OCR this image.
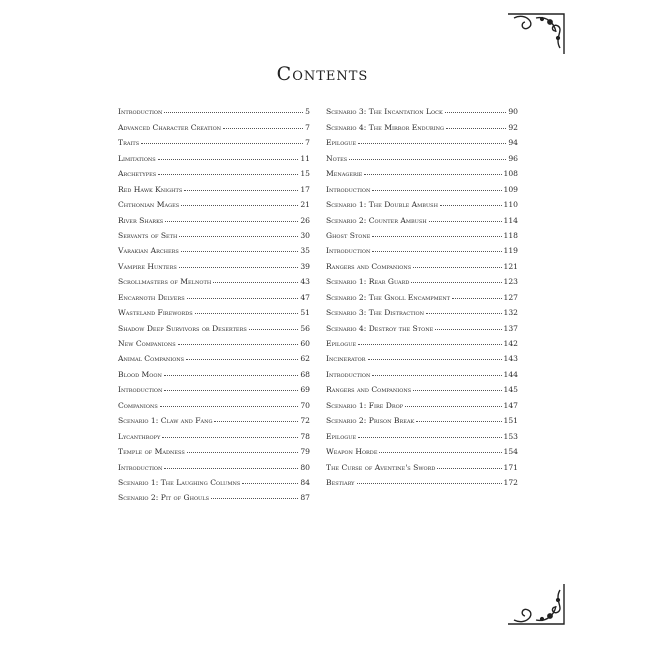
Contents
Introduction	5
Advanced Character Creation	7
Traits	7
Limitations	11
Archetypes	15
Red Hawk Knights	17
Chthonian Mages	21
River Sharks	26
Servants of Seth	30
Varakian Archers	35
Vampire Hunters	39
Scrollmasters of Melnoth	43
Encarnoth Delvers	47
Wasteland Firewords	51
Shadow Deep Survivors or Deserters	56
New Companions	60
Animal Companions	62
Blood Moon	68
Introduction	69
Companions	70
Scenario 1: Claw and Fang	72
Lycanthropy	78
Temple of Madness	79
Introduction	80
Scenario 1: The Laughing Columns	84
Scenario 2: Pit of Ghouls	87
Scenario 3: The Incantation Lock	90
Scenario 4: The Mirror Enduring	92
Epilogue	94
Notes	96
Menagerie	108
Introduction	109
Scenario 1: The Double Ambush	110
Scenario 2: Counter Ambush	114
Ghost Stone	118
Introduction	119
Rangers and Companions	121
Scenario 1: Rear Guard	123
Scenario 2: The Gnoll Encampment	127
Scenario 3: The Distraction	132
Scenario 4: Destroy the Stone	137
Epilogue	142
Incinerator	143
Introduction	144
Rangers and Companions	145
Scenario 1: Fire Drop	147
Scenario 2: Prison Break	151
Epilogue	153
Weapon Horde	154
The Curse of Aventine's Sword	171
Bestiary	172
